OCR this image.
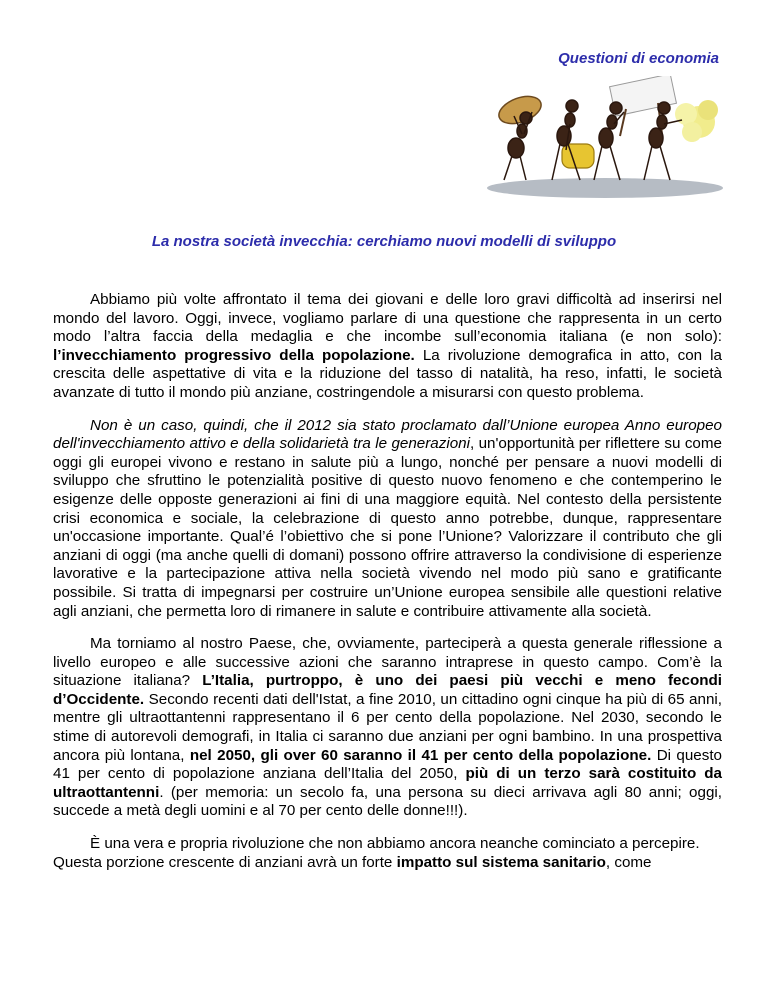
Questioni di economia
La nostra società invecchia: cerchiamo nuovi modelli di sviluppo

Abbiamo più volte affrontato il tema dei giovani e delle loro gravi difficoltà ad inserirsi nel mondo del lavoro. Oggi, invece, vogliamo parlare di una questione che rappresenta in un certo modo l’altra faccia della medaglia e che incombe sull’economia italiana (e non solo): l’invecchiamento progressivo della popolazione. La rivoluzione demografica in atto, con la crescita delle aspettative di vita e la riduzione del tasso di natalità, ha reso, infatti, le società avanzate di tutto il mondo più anziane, costringendole a misurarsi con questo problema.

Non è un caso, quindi, che il 2012 sia stato proclamato dall’Unione europea Anno europeo dell'invecchiamento attivo e della solidarietà tra le generazioni, un'opportunità per riflettere su come oggi gli europei vivono e restano in salute più a lungo, nonché per pensare a nuovi modelli di sviluppo che sfruttino le potenzialità positive di questo nuovo fenomeno e che contemperino le esigenze delle opposte generazioni ai fini di una maggiore equità. Nel contesto della persistente crisi economica e sociale, la celebrazione di questo anno potrebbe, dunque, rappresentare un'occasione importante. Qual’é l’obiettivo che si pone l’Unione? Valorizzare il contributo che gli anziani di oggi (ma anche quelli di domani) possono offrire attraverso la condivisione di esperienze lavorative e la partecipazione attiva nella società vivendo nel modo più sano e gratificante possibile. Si tratta di impegnarsi per costruire un’Unione europea sensibile alle questioni relative agli anziani, che permetta loro di rimanere in salute e contribuire attivamente alla società.

Ma torniamo al nostro Paese, che, ovviamente, parteciperà a questa generale riflessione a livello europeo e alle successive azioni che saranno intraprese in questo campo. Com’è la situazione italiana? L’Italia, purtroppo, è uno dei paesi più vecchi e meno fecondi d’Occidente. Secondo recenti dati dell'Istat, a fine 2010, un cittadino ogni cinque ha più di 65 anni, mentre gli ultraottantenni rappresentano il 6 per cento della popolazione. Nel 2030, secondo le stime di autorevoli demografi, in Italia ci saranno due anziani per ogni bambino. In una prospettiva ancora più lontana, nel 2050, gli over 60 saranno il 41 per cento della popolazione. Di questo 41 per cento di popolazione anziana dell’Italia del 2050, più di un terzo sarà costituito da ultraottantenni. (per memoria: un secolo fa, una persona su dieci arrivava agli 80 anni; oggi, succede a metà degli uomini e al 70 per cento delle donne!!!).

È una vera e propria rivoluzione che non abbiamo ancora neanche cominciato a percepire.

Questa porzione crescente di anziani avrà un forte impatto sul sistema sanitario, come
